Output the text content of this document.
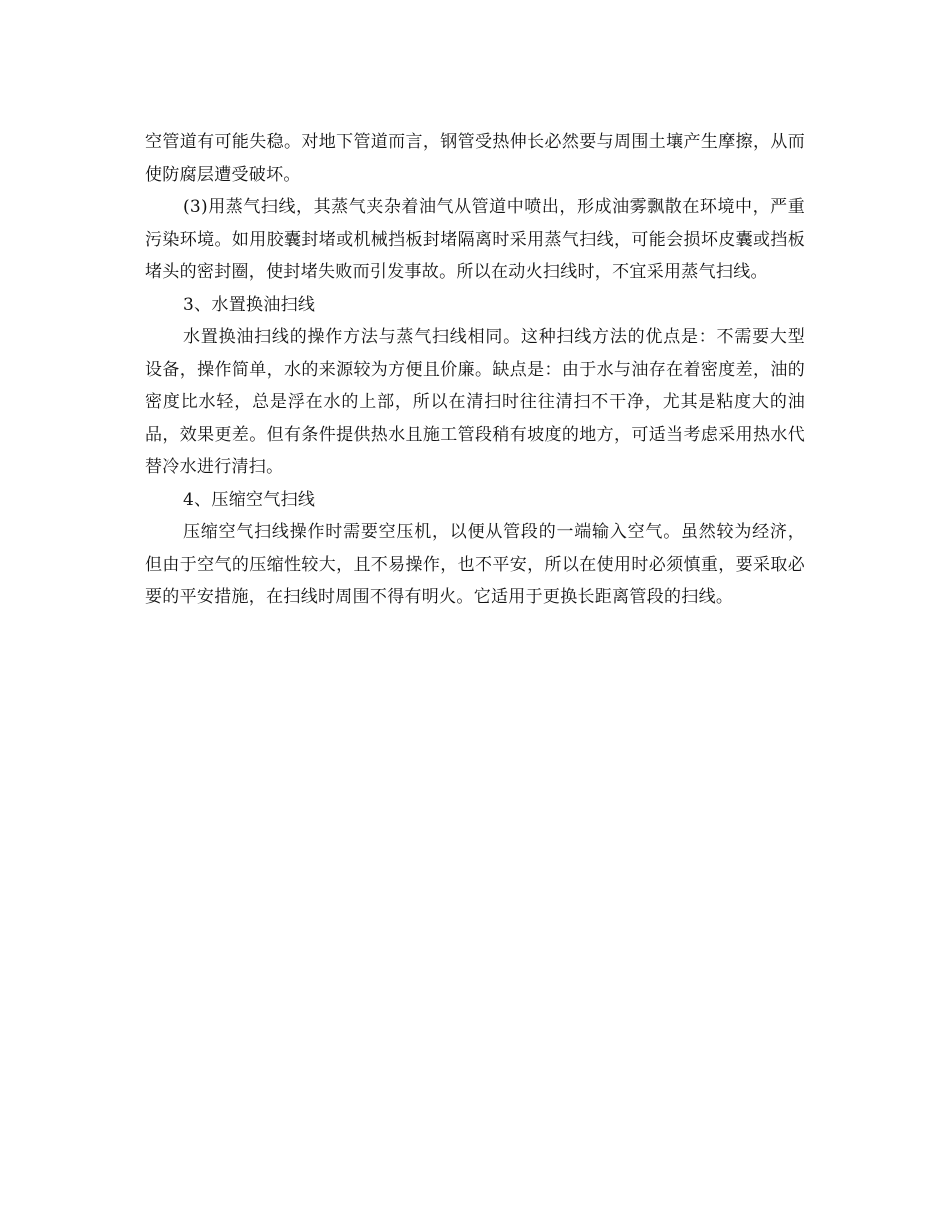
空管道有可能失稳。对地下管道而言，钢管受热伸长必然要与周围土壤产生摩擦，从而使防腐层遭受破坏。

(3)用蒸气扫线，其蒸气夹杂着油气从管道中喷出，形成油雾飘散在环境中，严重污染环境。如用胶囊封堵或机械挡板封堵隔离时采用蒸气扫线，可能会损坏皮囊或挡板堵头的密封圈，使封堵失败而引发事故。所以在动火扫线时，不宜采用蒸气扫线。

3、水置换油扫线

水置换油扫线的操作方法与蒸气扫线相同。这种扫线方法的优点是：不需要大型设备，操作简单，水的来源较为方便且价廉。缺点是：由于水与油存在着密度差，油的密度比水轻，总是浮在水的上部，所以在清扫时往往清扫不干净，尤其是粘度大的油品，效果更差。但有条件提供热水且施工管段稍有坡度的地方，可适当考虑采用热水代替冷水进行清扫。

4、压缩空气扫线

压缩空气扫线操作时需要空压机，以便从管段的一端输入空气。虽然较为经济，但由于空气的压缩性较大，且不易操作，也不平安，所以在使用时必须慎重，要采取必要的平安措施，在扫线时周围不得有明火。它适用于更换长距离管段的扫线。
